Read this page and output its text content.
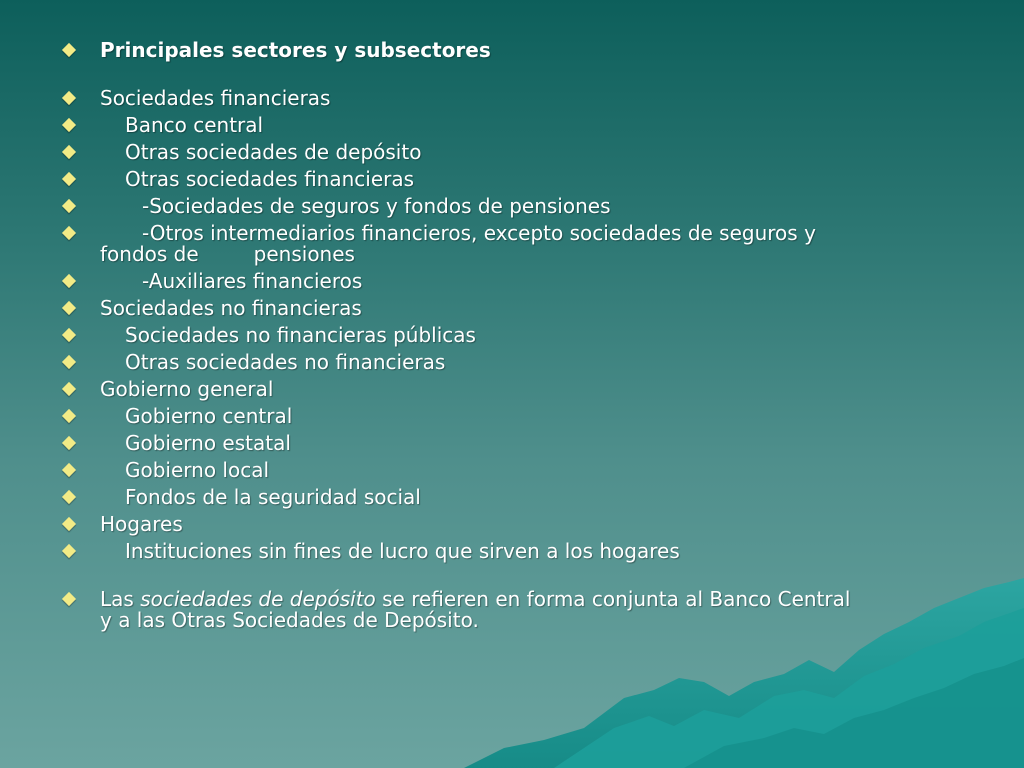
Principales sectores y subsectores
Sociedades financieras
Banco central
Otras sociedades de depósito
Otras sociedades financieras
-Sociedades de seguros y fondos de pensiones
-Otros intermediarios financieros, excepto sociedades de seguros y
fondos de	pensiones
-Auxiliares financieros
Sociedades no financieras
Sociedades no financieras públicas
Otras sociedades no financieras
Gobierno general
Gobierno central
Gobierno estatal
Gobierno local
Fondos de la seguridad social
Hogares
Instituciones sin fines de lucro que sirven a los hogares
Las sociedades de depósito se refieren en forma conjunta al Banco Central
y a las Otras Sociedades de Depósito.
